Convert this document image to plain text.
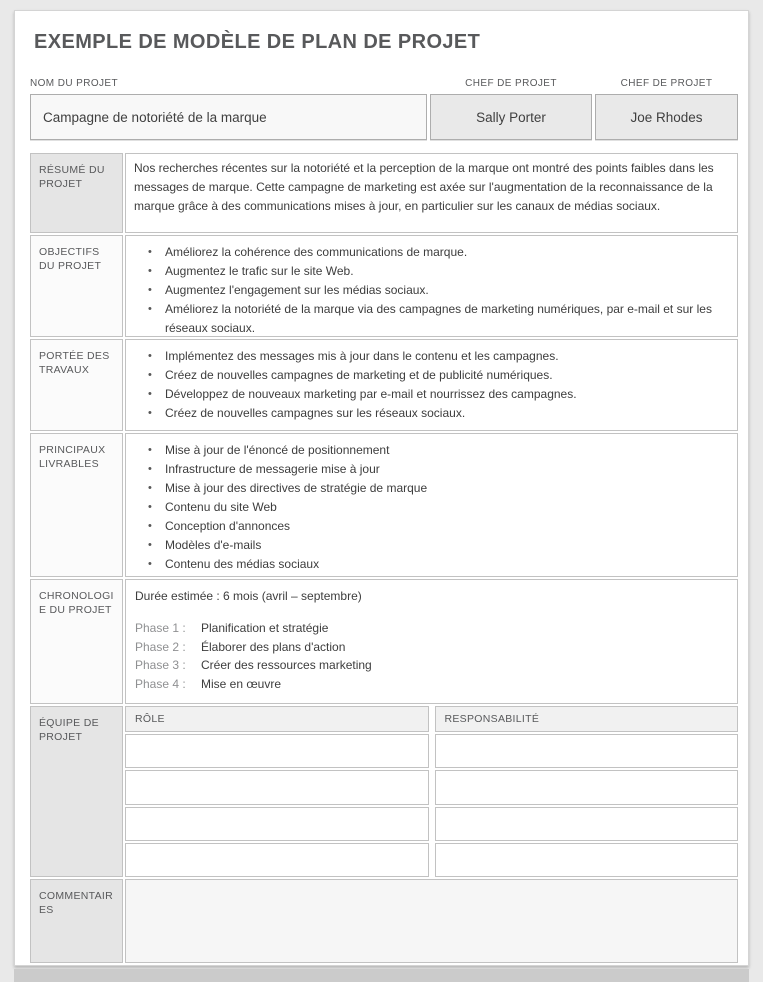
EXEMPLE DE MODÈLE DE PLAN DE PROJET
NOM DU PROJET
Campagne de notoriété de la marque
CHEF DE PROJET
Sally Porter
CHEF DE PROJET
Joe Rhodes
RÉSUMÉ DU PROJET
Nos recherches récentes sur la notoriété et la perception de la marque ont montré des points faibles dans les messages de marque. Cette campagne de marketing est axée sur l'augmentation de la reconnaissance de la marque grâce à des communications mises à jour, en particulier sur les canaux de médias sociaux.
OBJECTIFS DU PROJET
•	Améliorez la cohérence des communications de marque.
•	Augmentez le trafic sur le site Web.
•	Augmentez l'engagement sur les médias sociaux.
•	Améliorez la notoriété de la marque via des campagnes de marketing numériques, par e-mail et sur les réseaux sociaux.
PORTÉE DES TRAVAUX
•	Implémentez des messages mis à jour dans le contenu et les campagnes.
•	Créez de nouvelles campagnes de marketing et de publicité numériques.
•	Développez de nouveaux marketing par e-mail et nourrissez des campagnes.
•	Créez de nouvelles campagnes sur les réseaux sociaux.
PRINCIPAUX LIVRABLES
•	Mise à jour de l'énoncé de positionnement
•	Infrastructure de messagerie mise à jour
•	Mise à jour des directives de stratégie de marque
•	Contenu du site Web
•	Conception d'annonces
•	Modèles d'e-mails
•	Contenu des médias sociaux
CHRONOLOGIE DU PROJET
Durée estimée : 6 mois (avril – septembre)
Phase 1 :	Planification et stratégie
Phase 2 :	Élaborer des plans d'action
Phase 3 :	Créer des ressources marketing
Phase 4 :	Mise en œuvre
ÉQUIPE DE PROJET
RÔLE	RESPONSABILITÉ
COMMENTAIRES
